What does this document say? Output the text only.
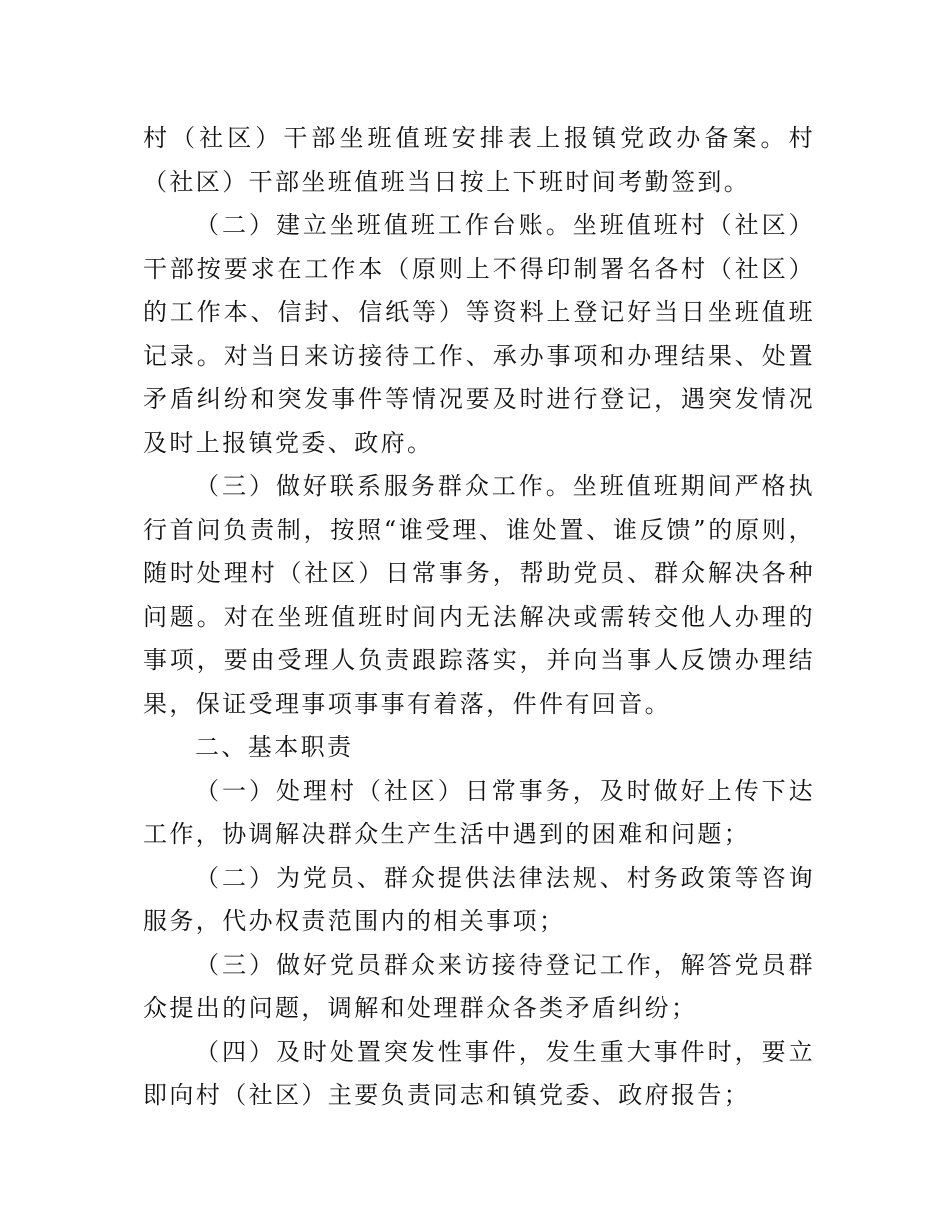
村（社区）干部坐班值班安排表上报镇党政办备案。村（社区）干部坐班值班当日按上下班时间考勤签到。

（二）建立坐班值班工作台账。坐班值班村（社区）干部按要求在工作本（原则上不得印制署名各村（社区）的工作本、信封、信纸等）等资料上登记好当日坐班值班记录。对当日来访接待工作、承办事项和办理结果、处置矛盾纠纷和突发事件等情况要及时进行登记，遇突发情况及时上报镇党委、政府。

（三）做好联系服务群众工作。坐班值班期间严格执行首问负责制，按照“谁受理、谁处置、谁反馈”的原则，随时处理村（社区）日常事务，帮助党员、群众解决各种问题。对在坐班值班时间内无法解决或需转交他人办理的事项，要由受理人负责跟踪落实，并向当事人反馈办理结果，保证受理事项事事有着落，件件有回音。

二、基本职责

（一）处理村（社区）日常事务，及时做好上传下达工作，协调解决群众生产生活中遇到的困难和问题；

（二）为党员、群众提供法律法规、村务政策等咨询服务，代办权责范围内的相关事项；

（三）做好党员群众来访接待登记工作，解答党员群众提出的问题，调解和处理群众各类矛盾纠纷；

（四）及时处置突发性事件，发生重大事件时，要立即向村（社区）主要负责同志和镇党委、政府报告；
